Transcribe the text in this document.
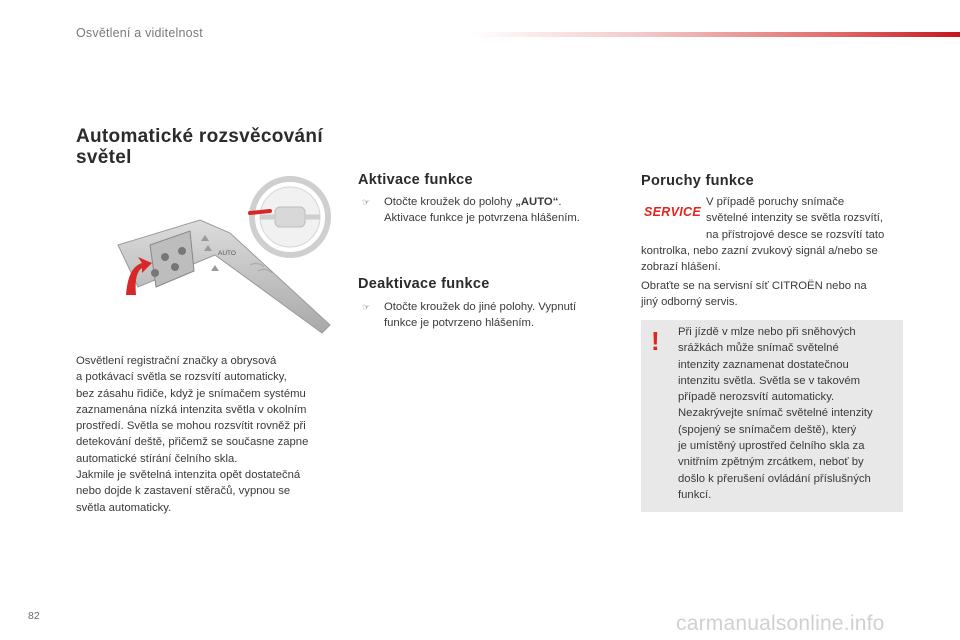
Osvětlení a viditelnost
Automatické rozsvěcování světel
AUTO
Osvětlení registrační značky a obrysová
a potkávací světla se rozsvítí automaticky,
bez zásahu řidiče, když je snímačem systému
zaznamenána nízká intenzita světla v okolním
prostředí. Světla se mohou rozsvítit rovněž při
detekování deště, přičemž se současne zapne
automatické stírání čelního skla.
Jakmile je světelná intenzita opět dostatečná
nebo dojde k zastavení stěračů, vypnou se
světla automaticky.
Aktivace funkce
☞ Otočte kroužek do polohy „AUTO“.
Aktivace funkce je potvrzena hlášením.
Deaktivace funkce
☞ Otočte kroužek do jiné polohy. Vypnutí
funkce je potvrzeno hlášením.
Poruchy funkce
SERVICE
V případě poruchy snímače
světelné intenzity se světla rozsvítí,
na přístrojové desce se rozsvítí tato
kontrolka, nebo zazní zvukový signál a/nebo se
zobrazí hlášení.
Obraťte se na servisní síť CITROËN nebo na
jiný odborný servis.
! Při jízdě v mlze nebo při sněhových
srážkách může snímač světelné
intenzity zaznamenat dostatečnou
intenzitu světla. Světla se v takovém
případě nerozsvítí automaticky.
Nezakrývejte snímač světelné intenzity
(spojený se snímačem deště), který
je umístěný uprostřed čelního skla za
vnitřním zpětným zrcátkem, neboť by
došlo k přerušení ovládání příslušných
funkcí.
82	carmanualsonline.info
